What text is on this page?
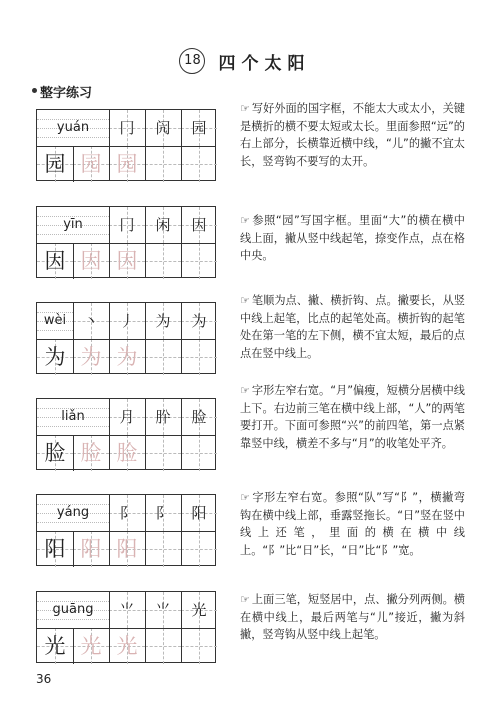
18 四个太阳
整字练习
yuán	冂	闶	园
园 园 园
☞ 写好外面的国字框，不能太大或太小，关键是横折的横不要太短或太长。里面参照“远”的右上部分，长横靠近横中线，“儿”的撇不宜太长，竖弯钩不要写的太开。
yīn	冂	闲	因
因 因 因
☞ 参照“园”写国字框。里面“大”的横在横中线上面，撇从竖中线起笔，捺变作点，点在格中央。
wèi	丶	丿	为	为
为 为 为
☞ 笔顺为点、撇、横折钩、点。撇要长，从竖中线上起笔，比点的起笔处高。横折钩的起笔处在第一笔的左下侧，横不宜太短，最后的点点在竖中线上。
liǎn	月	肸	脸
脸 脸 脸
☞ 字形左窄右宽。“月”偏瘦，短横分居横中线上下。右边前三笔在横中线上部，“人”的两笔要打开。下面可参照“兴”的前四笔，第一点紧靠竖中线，横差不多与“月”的收笔处平齐。
yáng	阝	阝	阳
阳 阳 阳
☞ 字形左窄右宽。参照“队”写“阝”，横撇弯钩在横中线上部，垂露竖拖长。“日”竖在竖中线上还笔，里面的横在横中线上。“阝”比“日”长，“日”比“阝”宽。
guāng	⺌	⺌	光
光 光 光
☞ 上面三笔，短竖居中，点、撇分列两侧。横在横中线上，最后两笔与“儿”接近，撇为斜撇，竖弯钩从竖中线上起笔。
36
